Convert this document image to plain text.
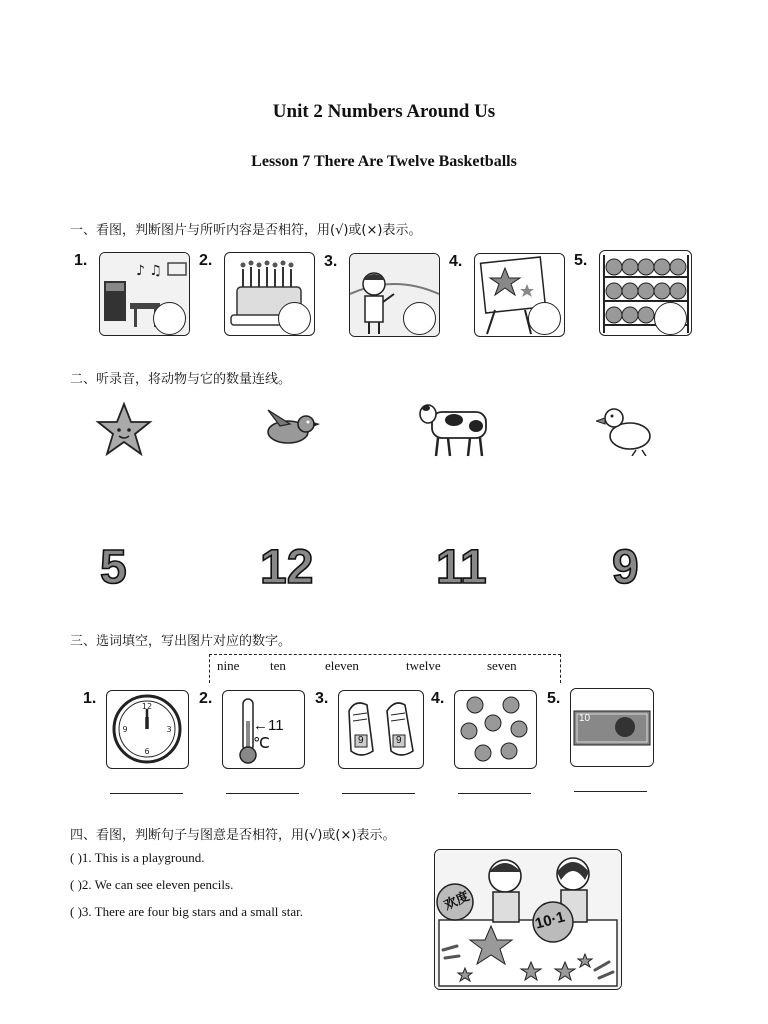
Unit 2 Numbers Around Us
Lesson 7 There Are Twelve Basketballs
一、看图，判断图片与所听内容是否相符，用(√)或(×)表示。
1.
♪ ♫
2.	3.	4.	5.
二、听录音，将动物与它的数量连线。
5	12	11	9
三、选词填空，写出图片对应的数字。
nine ten	eleven	twelve	seven
1.	12
3
6
9
2.
←11 ℃
3.
9	9
4.	5.
10
四、看图，判断句子与图意是否相符，用(√)或(×)表示。
( )1. This is a playground.
( )2. We can see eleven pencils.
( )3. There are four big stars and a small star.	欢度
10·1
